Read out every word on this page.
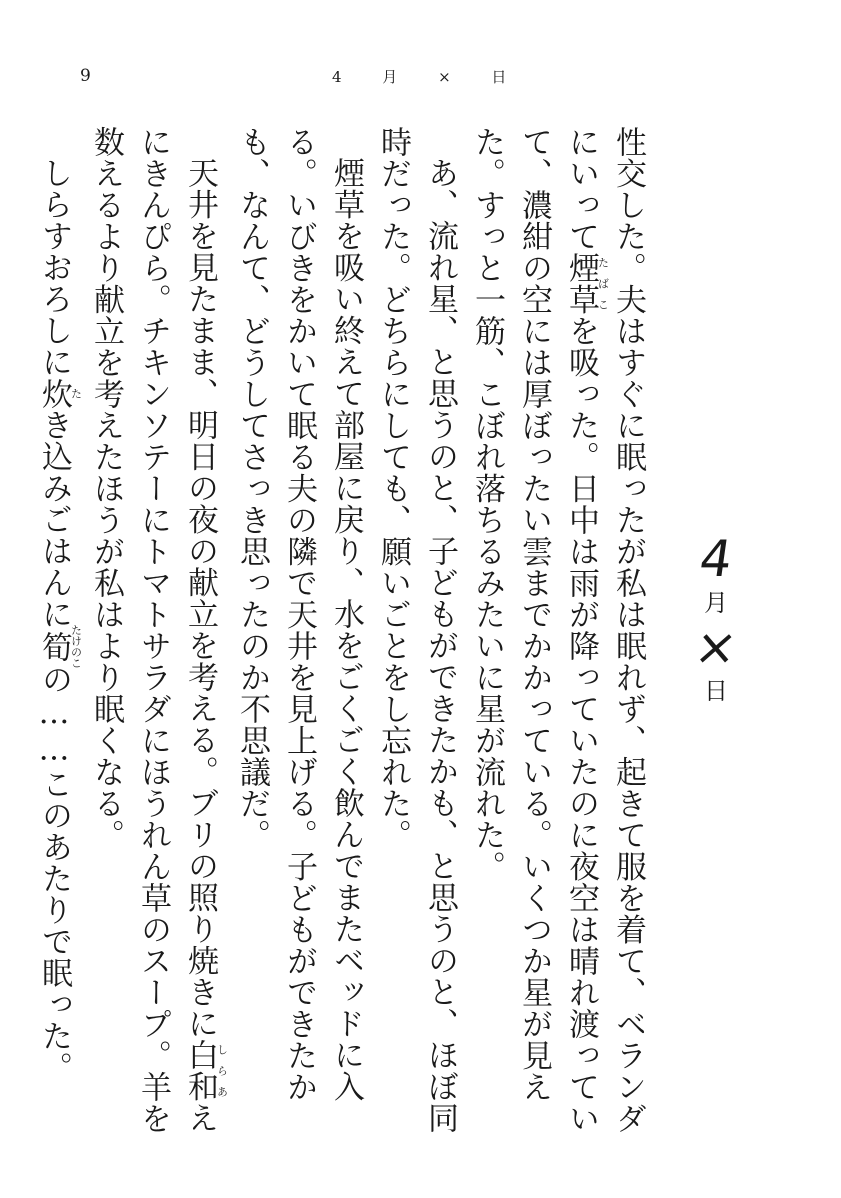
9	4 月 × 日
4
月
×
日

性交した。夫はすぐに眠ったが私は眠れず、起きて服を着て、ベランダにいって煙草たばこを吸った。日中は雨が降っていたのに夜空は晴れ渡っていて、濃紺の空には厚ぼったい雲までかかっている。いくつか星が見えた。すっと一筋、こぼれ落ちるみたいに星が流れた。

あ、流れ星、と思うのと、子どもができたかも、と思うのと、ほぼ同時だった。どちらにしても、願いごとをし忘れた。

煙草を吸い終えて部屋に戻り、水をごくごく飲んでまたベッドに入る。いびきをかいて眠る夫の隣で天井を見上げる。子どもができたかも、なんて、どうしてさっき思ったのか不思議だ。

天井を見たまま、明日の夜の献立を考える。ブリの照り焼きに白和しらあえにきんぴら。チキンソテーにトマトサラダにほうれん草のスープ。羊を数えるより献立を考えたほうが私はより眠くなる。

しらすおろしに炊たき込みごはんに筍たけのこの……このあたりで眠った。
